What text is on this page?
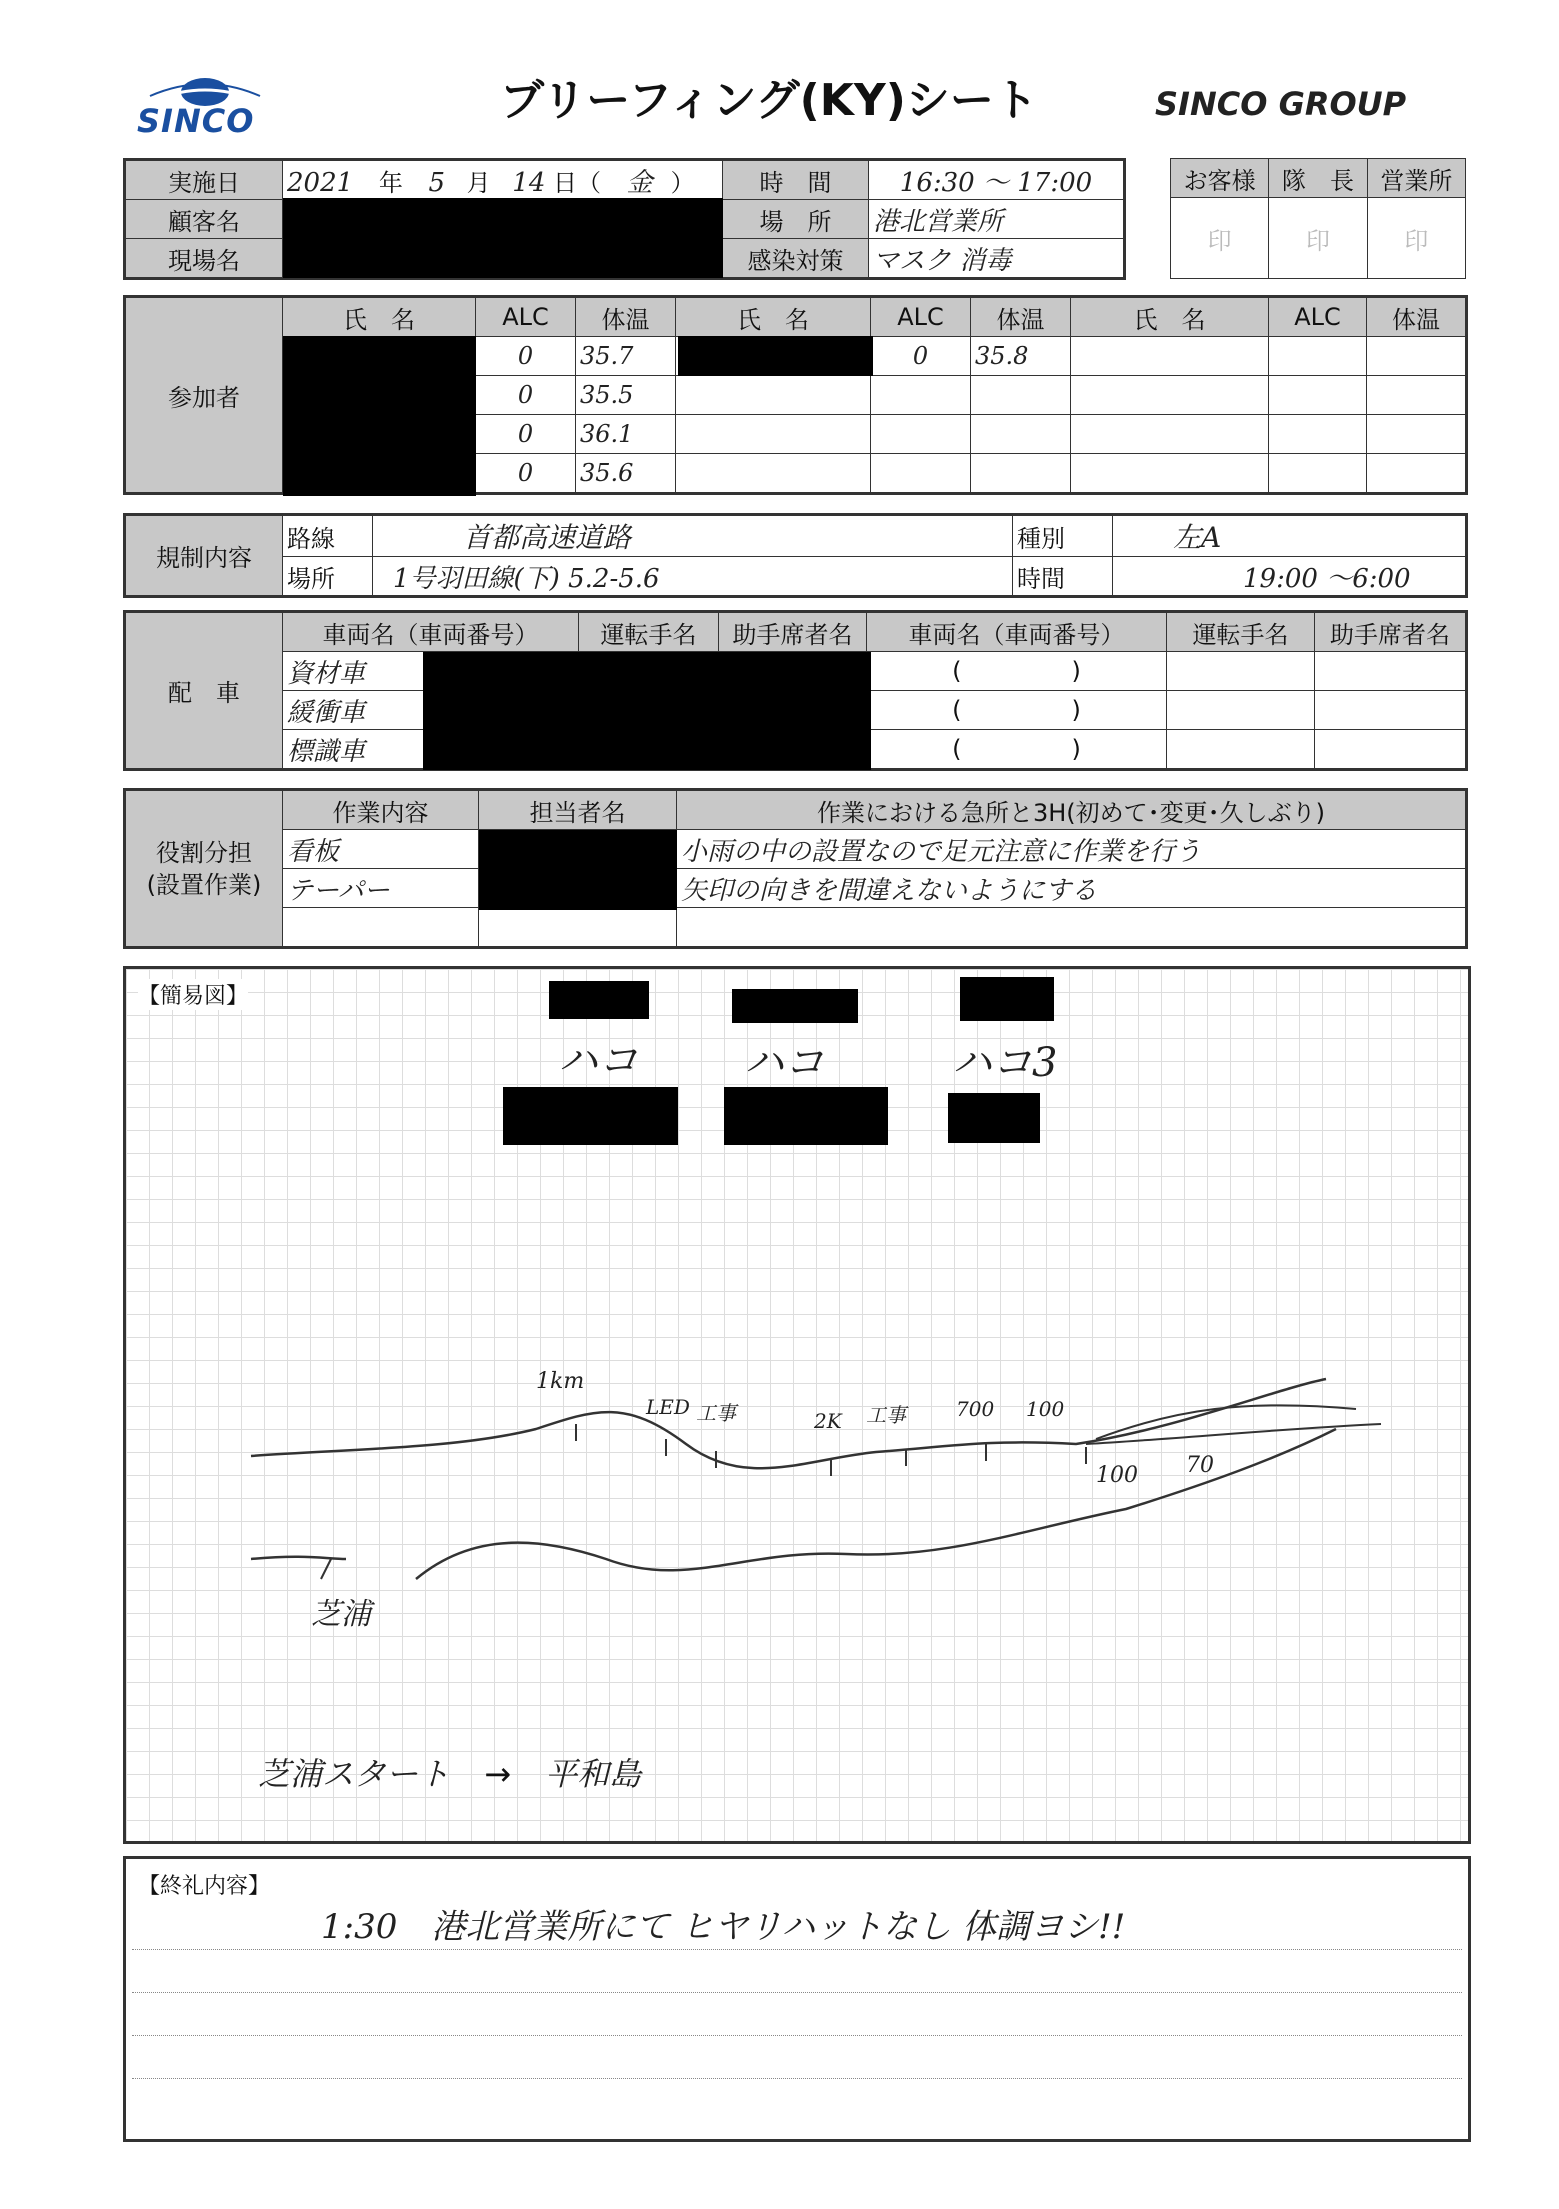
SINCO	ブリーフィング(KY)シート	SINCO GROUP
実施日	2021 年 5 月 14 日（ 金 ）	時　間	16:30 ～ 17:00
顧客名		場　所	港北営業所
現場名		感染対策	マスク 消毒
お客様	隊　長	営業所
印	印	印
参加者	氏　名	ALC	体温	氏　名	ALC	体温	氏　名	ALC	体温
		0	35.7		0	35.8			
		0	35.5						
		0	36.1						
		0	35.6						
規制内容	路線	首都高速道路	種別	左A
	場所	1号羽田線(下) 5.2-5.6	時間	19:00 ～6:00
配　車	車両名（車両番号）	運転手名	助手席者名	車両名（車両番号）	運転手名	助手席者名
	資材車			( )		
	緩衝車			( )		
	標識車			( )		
役割分担
(設置作業)	作業内容	担当者名	作業における急所と3H(初めて･変更･久しぶり)
	看板		小雨の中の設置なので足元注意に作業を行う
	テーパー		矢印の向きを間違えないようにする

【簡易図】
ハコ	ハコ	ハコ3
1km
LED 工事	2K 工事	700 100
100 70
芝浦
芝浦スタート → 平和島
【終礼内容】
1:30　港北営業所にて ヒヤリハットなし 体調ヨシ!!
